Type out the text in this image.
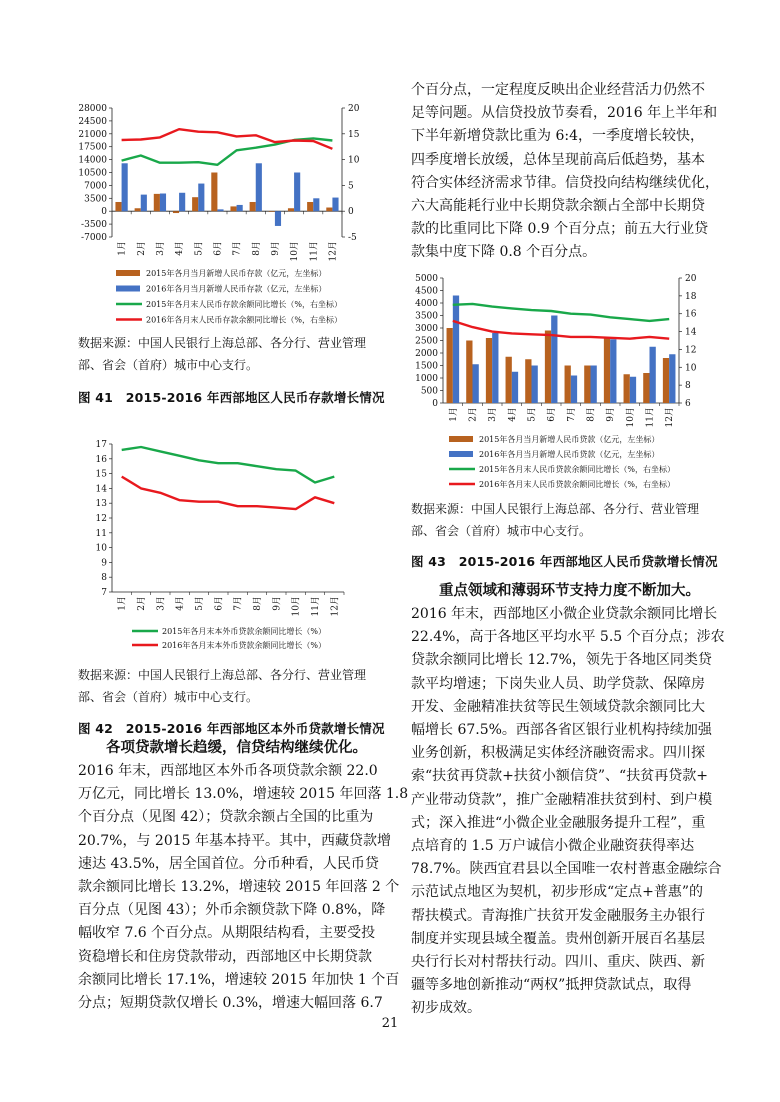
28000
24500
21000
17500
14000
10500
7000
3500
0
-3500
-7000
20
15
10
5
0
-5
1月 2月 3月 4月 5月 6月 7月 8月 9月 10月 11月 12月
2015年各月当月新增人民币存款（亿元，左坐标）
2016年各月当月新增人民币存款（亿元，左坐标）
2015年各月末人民币存款余额同比增长（%，右坐标）
2016年各月末人民币存款余额同比增长（%，右坐标）
数据来源：中国人民银行上海总部、各分行、营业管理部、省会（首府）城市中心支行。
图 41　2015-2016 年西部地区人民币存款增长情况
17
16
15
14
13
12
11
10
9
8
7
1月 2月 3月 4月 5月 6月 7月 8月 9月 10月 11月 12月
2015年各月末本外币贷款余额同比增长（%）
2016年各月末本外币贷款余额同比增长（%）
数据来源：中国人民银行上海总部、各分行、营业管理部、省会（首府）城市中心支行。
图 42　2015-2016 年西部地区本外币贷款增长情况
各项贷款增长趋缓，信贷结构继续优化。
2016 年末，西部地区本外币各项贷款余额 22.0
万亿元，同比增长 13.0%，增速较 2015 年回落 1.8
个百分点（见图 42）；贷款余额占全国的比重为
20.7%，与 2015 年基本持平。其中，西藏贷款增
速达 43.5%，居全国首位。分币种看，人民币贷
款余额同比增长 13.2%，增速较 2015 年回落 2 个
百分点（见图 43）；外币余额贷款下降 0.8%，降
幅收窄 7.6 个百分点。从期限结构看，主要受投
资稳增长和住房贷款带动，西部地区中长期贷款
余额同比增长 17.1%，增速较 2015 年加快 1 个百
分点；短期贷款仅增长 0.3%，增速大幅回落 6.7
个百分点，一定程度反映出企业经营活力仍然不
足等问题。从信贷投放节奏看，2016 年上半年和
下半年新增贷款比重为 6:4，一季度增长较快，
四季度增长放缓，总体呈现前高后低趋势，基本
符合实体经济需求节律。信贷投向结构继续优化，
六大高能耗行业中长期贷款余额占全部中长期贷
款的比重同比下降 0.9 个百分点；前五大行业贷
款集中度下降 0.8 个百分点。
5000
4500
4000
3500
3000
2500
2000
1500
1000
500
0
20
18
16
14
12
10
8
6
1月 2月 3月 4月 5月 6月 7月 8月 9月 10月 11月 12月
2015年各月当月新增人民币贷款（亿元，左坐标）
2016年各月当月新增人民币贷款（亿元，左坐标）
2015年各月末人民币贷款余额同比增长（%，右坐标）
2016年各月末人民币贷款余额同比增长（%，右坐标）
数据来源：中国人民银行上海总部、各分行、营业管理部、省会（首府）城市中心支行。
图 43　2015-2016 年西部地区人民币贷款增长情况
重点领域和薄弱环节支持力度不断加大。
2016 年末，西部地区小微企业贷款余额同比增长
22.4%，高于各地区平均水平 5.5 个百分点；涉农
贷款余额同比增长 12.7%，领先于各地区同类贷
款平均增速；下岗失业人员、助学贷款、保障房
开发、金融精准扶贫等民生领域贷款余额同比大
幅增长 67.5%。西部各省区银行业机构持续加强
业务创新，积极满足实体经济融资需求。四川探
索“扶贫再贷款+扶贫小额信贷”、“扶贫再贷款+
产业带动贷款”，推广金融精准扶贫到村、到户模
式；深入推进“小微企业金融服务提升工程”，重
点培育的 1.5 万户诚信小微企业融资获得率达
78.7%。陕西宜君县以全国唯一农村普惠金融综合
示范试点地区为契机，初步形成“定点+普惠”的
帮扶模式。青海推广扶贫开发金融服务主办银行
制度并实现县域全覆盖。贵州创新开展百名基层
央行行长对村帮扶行动。四川、重庆、陕西、新
疆等多地创新推动“两权”抵押贷款试点，取得
初步成效。
21
